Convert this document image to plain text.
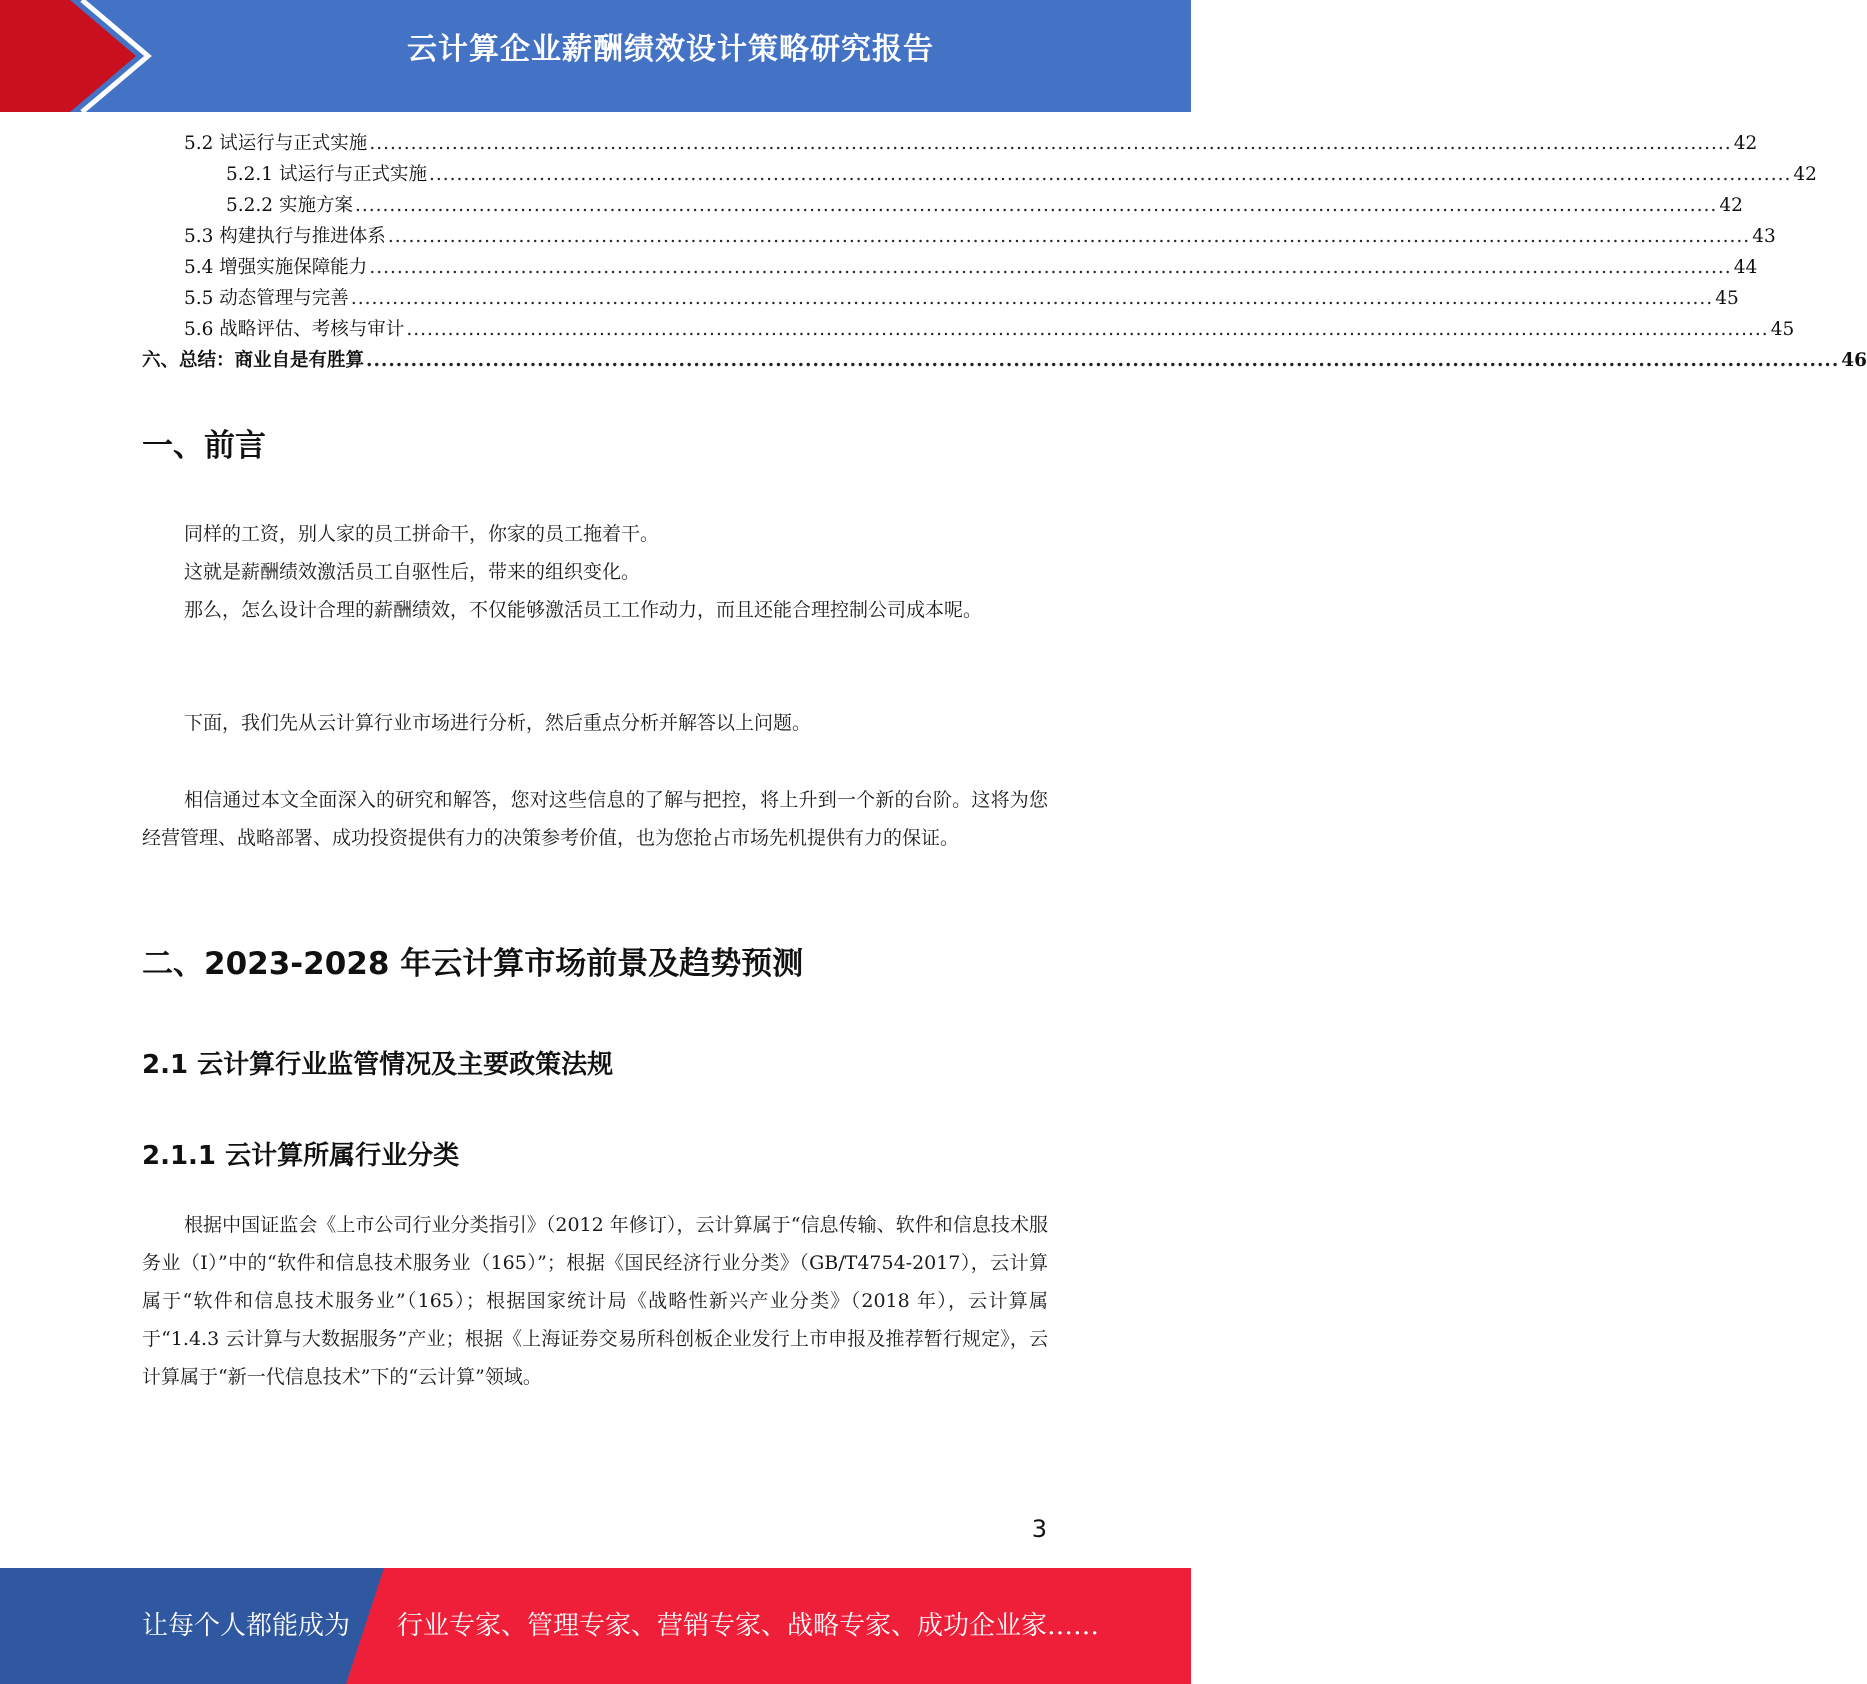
云计算企业薪酬绩效设计策略研究报告
5.2 试运行与正式实施 ...................................................................................................................................................................................................... 42
5.2.1 试运行与正式实施 ...................................................................................................................................................................................................... 42
5.2.2 实施方案 ...................................................................................................................................................................................................... 42
5.3 构建执行与推进体系 ...................................................................................................................................................................................................... 43
5.4 增强实施保障能力 ...................................................................................................................................................................................................... 44
5.5 动态管理与完善 ...................................................................................................................................................................................................... 45
5.6 战略评估、考核与审计 ...................................................................................................................................................................................................... 45
六、总结：商业自是有胜算 ...................................................................................................................................................................................................... 46
一、前言

同样的工资，别人家的员工拼命干，你家的员工拖着干。

这就是薪酬绩效激活员工自驱性后，带来的组织变化。

那么，怎么设计合理的薪酬绩效，不仅能够激活员工工作动力，而且还能合理控制公司成本呢。

下面，我们先从云计算行业市场进行分析，然后重点分析并解答以上问题。

相信通过本文全面深入的研究和解答，您对这些信息的了解与把控，将上升到一个新的台阶。这将为您经营管理、战略部署、成功投资提供有力的决策参考价值，也为您抢占市场先机提供有力的保证。

二、2023-2028 年云计算市场前景及趋势预测
2.1 云计算行业监管情况及主要政策法规
2.1.1 云计算所属行业分类

根据中国证监会《上市公司行业分类指引》（2012 年修订），云计算属于“信息传输、软件和信息技术服务业（I）”中的“软件和信息技术服务业（165）”；根据《国民经济行业分类》（GB/T4754-2017），云计算属于“软件和信息技术服务业”（165）；根据国家统计局《战略性新兴产业分类》（2018 年），云计算属于“1.4.3 云计算与大数据服务”产业；根据《上海证券交易所科创板企业发行上市申报及推荐暂行规定》，云计算属于“新一代信息技术”下的“云计算”领域。

3
让每个人都能成为 行业专家、管理专家、营销专家、战略专家、成功企业家……
